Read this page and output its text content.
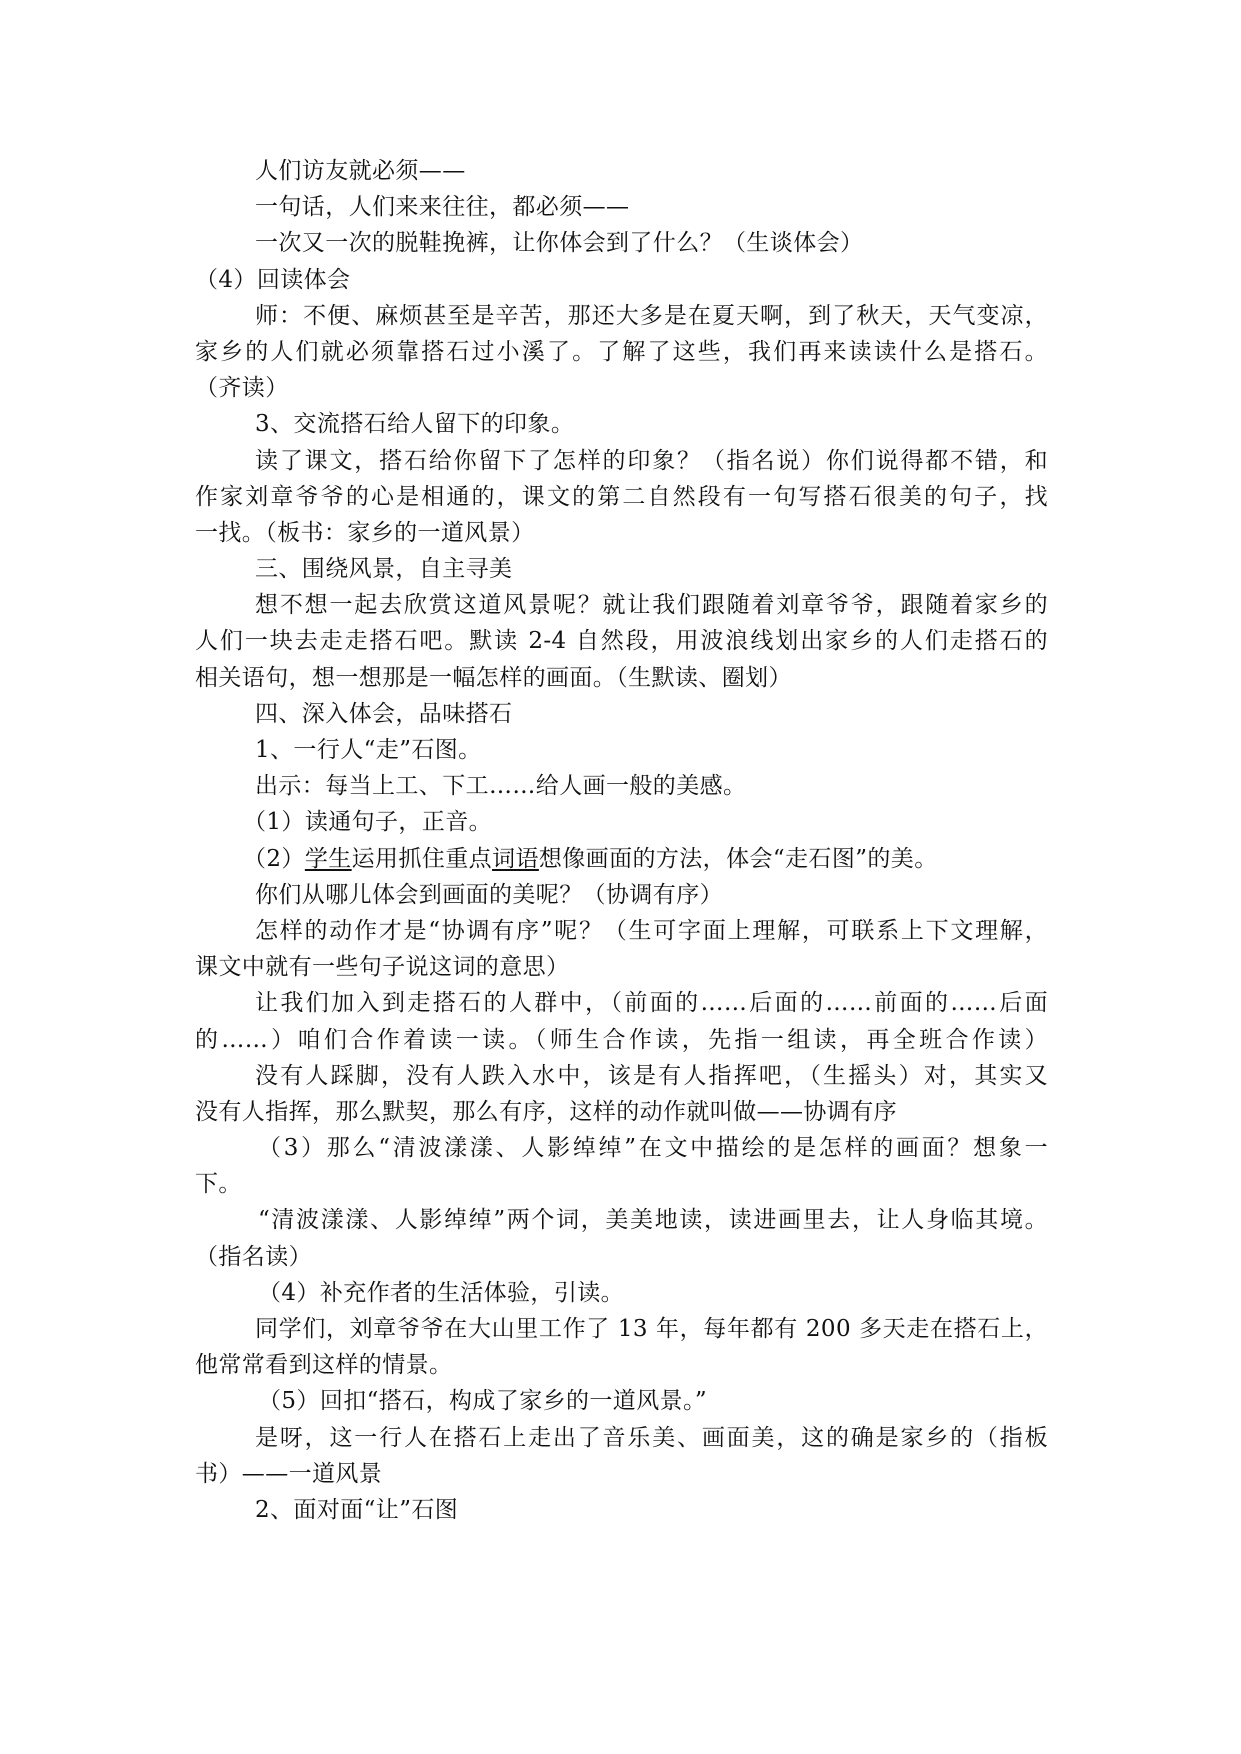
人们访友就必须——
一句话，人们来来往往，都必须——
一次又一次的脱鞋挽裤，让你体会到了什么？（生谈体会）
（4）回读体会
师：不便、麻烦甚至是辛苦，那还大多是在夏天啊，到了秋天，天气变凉，
家乡的人们就必须靠搭石过小溪了。了解了这些，我们再来读读什么是搭石。
（齐读）
3、交流搭石给人留下的印象。
读了课文，搭石给你留下了怎样的印象？（指名说）你们说得都不错，和
作家刘章爷爷的心是相通的，课文的第二自然段有一句写搭石很美的句子，找
一找。（板书：家乡的一道风景）
三、围绕风景，自主寻美
想不想一起去欣赏这道风景呢？就让我们跟随着刘章爷爷，跟随着家乡的
人们一块去走走搭石吧。默读 2-4 自然段，用波浪线划出家乡的人们走搭石的
相关语句，想一想那是一幅怎样的画面。（生默读、圈划）
四、深入体会，品味搭石
1、一行人“走”石图。
出示：每当上工、下工……给人画一般的美感。
（1）读通句子，正音。
（2）学生运用抓住重点词语想像画面的方法，体会“走石图”的美。
你们从哪儿体会到画面的美呢？（协调有序）
怎样的动作才是“协调有序”呢？（生可字面上理解，可联系上下文理解，
课文中就有一些句子说这词的意思）
让我们加入到走搭石的人群中，（前面的……后面的……前面的……后面
的……）咱们合作着读一读。（师生合作读，先指一组读，再全班合作读）
没有人踩脚，没有人跌入水中，该是有人指挥吧，（生摇头）对，其实又
没有人指挥，那么默契，那么有序，这样的动作就叫做——协调有序
（3）那么“清波漾漾、人影绰绰”在文中描绘的是怎样的画面？想象一
下。
“清波漾漾、人影绰绰”两个词，美美地读，读进画里去，让人身临其境。
（指名读）
（4）补充作者的生活体验，引读。
同学们，刘章爷爷在大山里工作了 13 年，每年都有 200 多天走在搭石上，
他常常看到这样的情景。
（5）回扣“搭石，构成了家乡的一道风景。”
是呀，这一行人在搭石上走出了音乐美、画面美，这的确是家乡的（指板
书）——一道风景
2、面对面“让”石图
